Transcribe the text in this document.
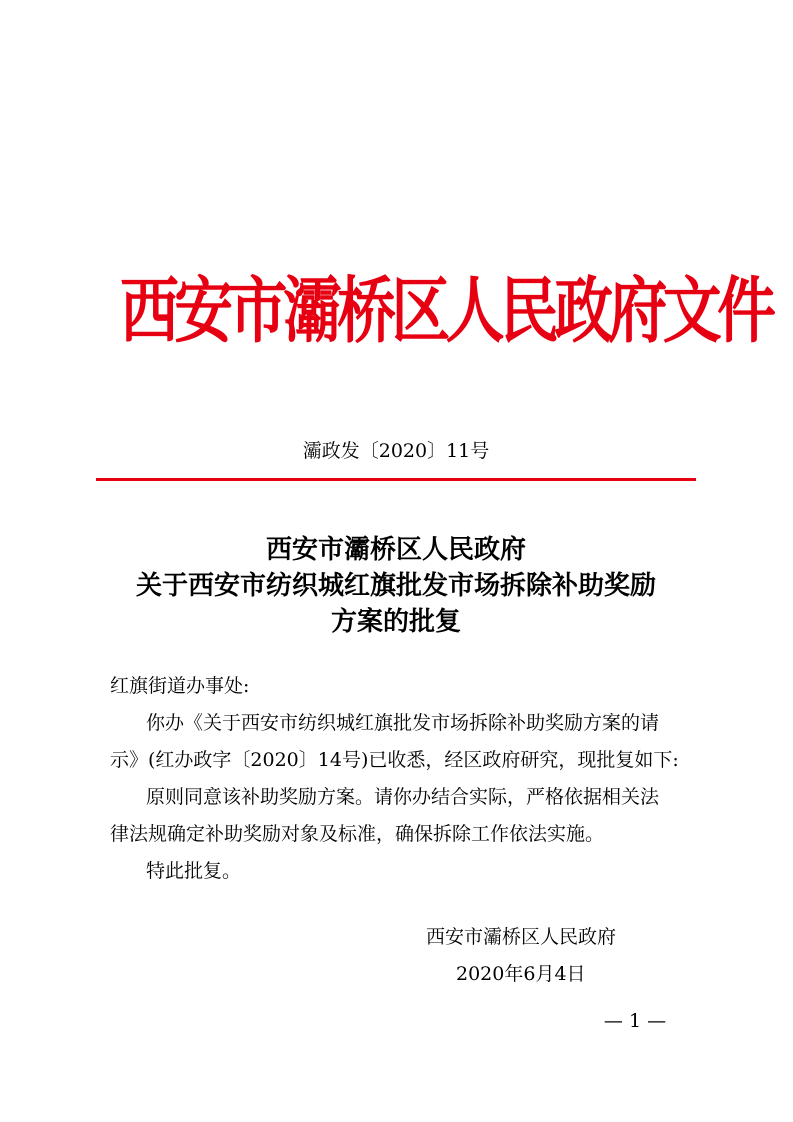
西安市灞桥区人民政府文件
灞政发〔2020〕11号
西安市灞桥区人民政府
关于西安市纺织城红旗批发市场拆除补助奖励
方案的批复
红旗街道办事处:
你办《关于西安市纺织城红旗批发市场拆除补助奖励方案的请
示》(红办政字〔2020〕14号)已收悉，经区政府研究，现批复如下:
原则同意该补助奖励方案。请你办结合实际，严格依据相关法
律法规确定补助奖励对象及标准，确保拆除工作依法实施。
特此批复。
西安市灞桥区人民政府
2020年6月4日
— 1 —
